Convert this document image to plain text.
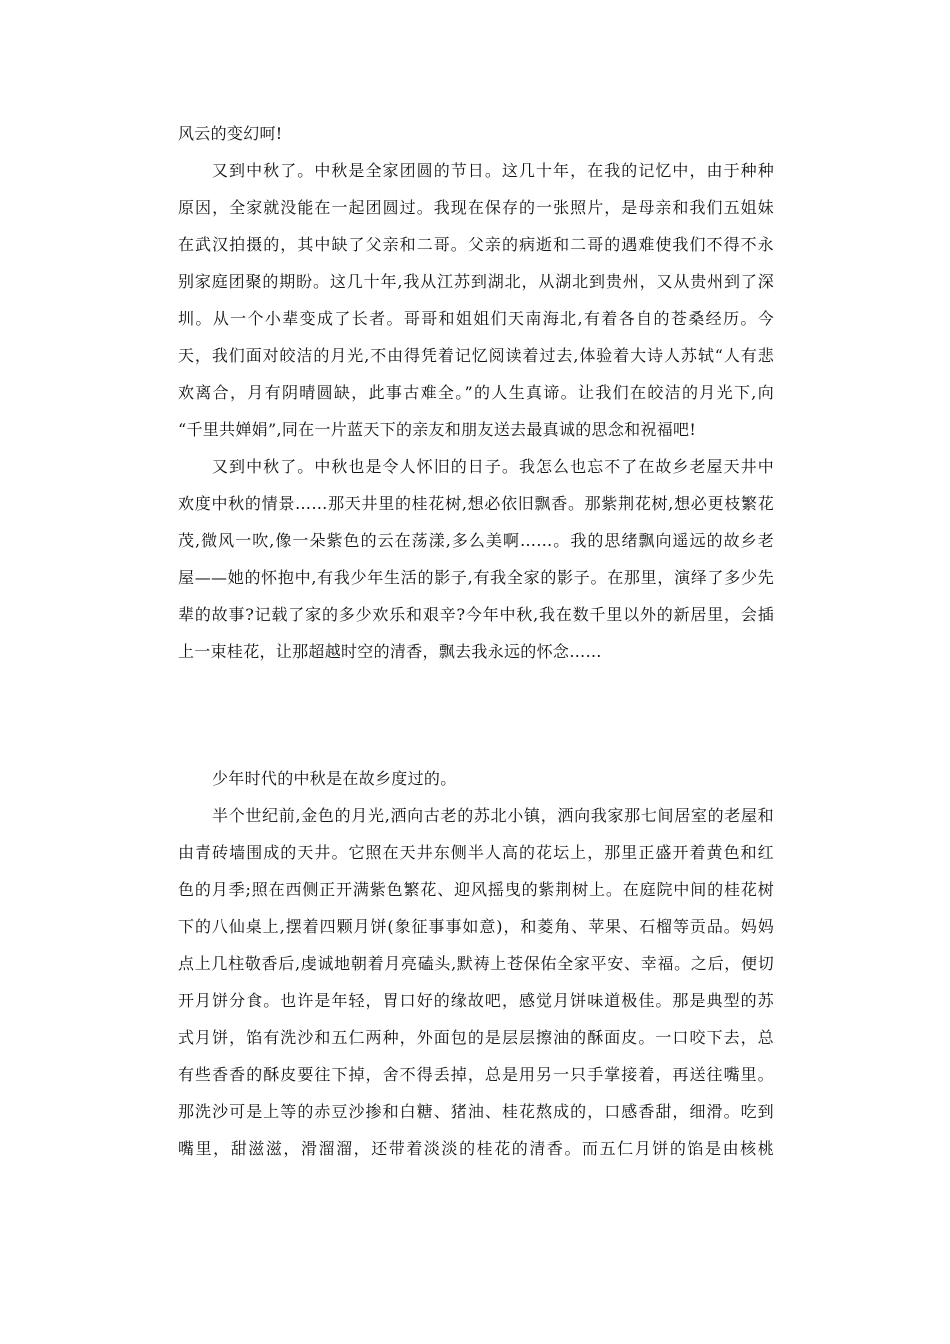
风云的变幻呵!
又到中秋了。中秋是全家团圆的节日。这几十年，在我的记忆中，由于种种
原因，全家就没能在一起团圆过。我现在保存的一张照片，是母亲和我们五姐妹
在武汉拍摄的，其中缺了父亲和二哥。父亲的病逝和二哥的遇难使我们不得不永
别家庭团聚的期盼。这几十年,我从江苏到湖北，从湖北到贵州，又从贵州到了深
圳。从一个小辈变成了长者。哥哥和姐姐们天南海北,有着各自的苍桑经历。今
天，我们面对皎洁的月光,不由得凭着记忆阅读着过去,体验着大诗人苏轼“人有悲
欢离合，月有阴晴圆缺，此事古难全。”的人生真谛。让我们在皎洁的月光下,向
“千里共婵娟”,同在一片蓝天下的亲友和朋友送去最真诚的思念和祝福吧!
又到中秋了。中秋也是令人怀旧的日子。我怎么也忘不了在故乡老屋天井中
欢度中秋的情景……那天井里的桂花树,想必依旧飘香。那紫荆花树,想必更枝繁花
茂,微风一吹,像一朵紫色的云在荡漾,多么美啊……。我的思绪飘向遥远的故乡老
屋——她的怀抱中,有我少年生活的影子,有我全家的影子。在那里，演绎了多少先
辈的故事?记载了家的多少欢乐和艰辛?今年中秋,我在数千里以外的新居里，会插
上一束桂花，让那超越时空的清香，飘去我永远的怀念……
少年时代的中秋是在故乡度过的。
半个世纪前,金色的月光,洒向古老的苏北小镇，洒向我家那七间居室的老屋和
由青砖墙围成的天井。它照在天井东侧半人高的花坛上，那里正盛开着黄色和红
色的月季;照在西侧正开满紫色繁花、迎风摇曳的紫荆树上。在庭院中间的桂花树
下的八仙桌上,摆着四颗月饼(象征事事如意)，和菱角、苹果、石榴等贡品。妈妈
点上几柱敬香后,虔诚地朝着月亮磕头,默祷上苍保佑全家平安、幸福。之后，便切
开月饼分食。也许是年轻，胃口好的缘故吧，感觉月饼味道极佳。那是典型的苏
式月饼，馅有洗沙和五仁两种，外面包的是层层擦油的酥面皮。一口咬下去，总
有些香香的酥皮要往下掉，舍不得丢掉，总是用另一只手掌接着，再送往嘴里。
那洗沙可是上等的赤豆沙掺和白糖、猪油、桂花熬成的，口感香甜，细滑。吃到
嘴里，甜滋滋，滑溜溜，还带着淡淡的桂花的清香。而五仁月饼的馅是由核桃
